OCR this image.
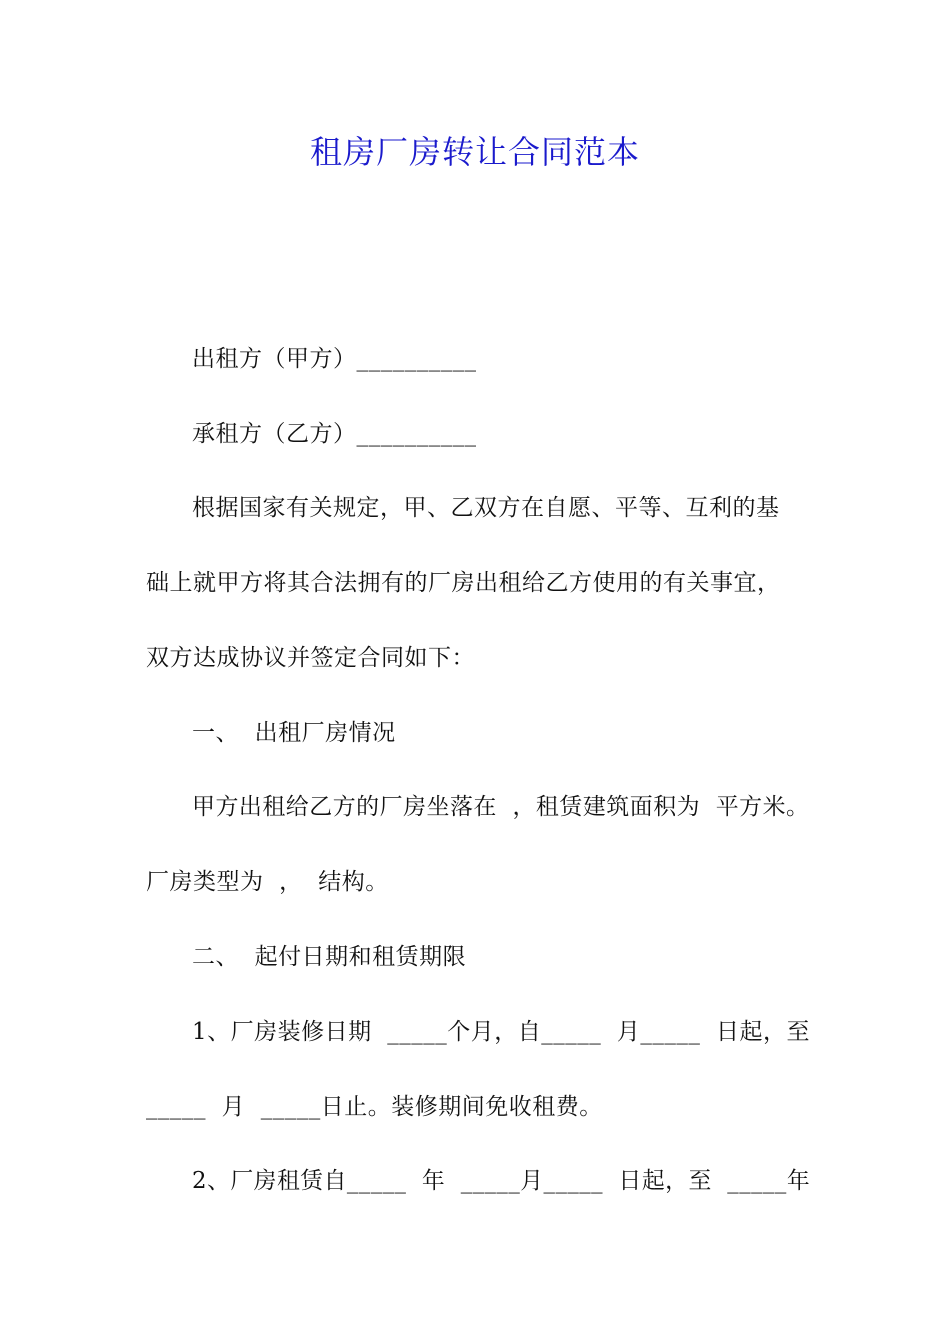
租房厂房转让合同范本
出租方（甲方）__________
承租方（乙方）__________
根据国家有关规定，甲、乙双方在自愿、平等、互利的基
础上就甲方将其合法拥有的厂房出租给乙方使用的有关事宜，
双方达成协议并签定合同如下：
一、  出租厂房情况
甲方出租给乙方的厂房坐落在  ，租赁建筑面积为  平方米。
厂房类型为  ，  结构。
二、  起付日期和租赁期限
1、厂房装修日期  _____个月，自_____  月_____  日起，至
_____  月  _____日止。装修期间免收租费。
2、厂房租赁自_____  年  _____月_____  日起，至  _____年
